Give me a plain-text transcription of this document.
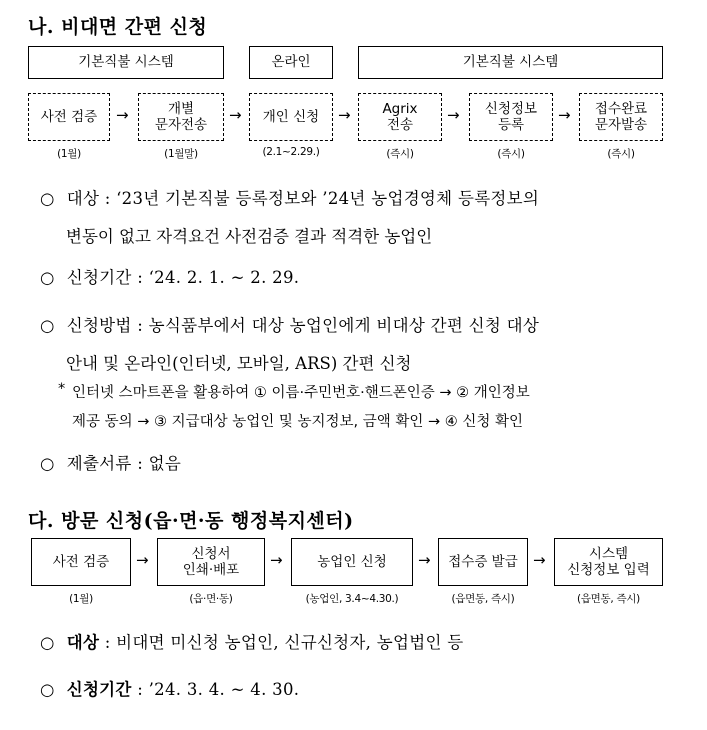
나. 비대면 간편 신청
기본직불 시스템	온라인	기본직불 시스템
사전 검증 →	개별
문자전송
→ 개인 신청 → Agrix
전송
→ 신청정보
등록
→ 접수완료
문자발송
(1월)	(1월말)	(2.1~2.29.)	(즉시)	(즉시)	(즉시)
○ 대상 : ‘23년 기본직불 등록정보와 ’24년 농업경영체 등록정보의
변동이 없고 자격요건 사전검증 결과 적격한 농업인
○ 신청기간 : ‘24. 2. 1. ~ 2. 29.
○ 신청방법 : 농식품부에서 대상 농업인에게 비대상 간편 신청 대상
안내 및 온라인(인터넷, 모바일, ARS) 간편 신청
* 인터넷 스마트폰을 활용하여 ① 이름·주민번호·핸드폰인증 → ② 개인정보
제공 동의 → ③ 지급대상 농업인 및 농지정보, 금액 확인 → ④ 신청 확인
○ 제출서류 : 없음
다. 방문 신청(읍·면·동 행정복지센터)
사전 검증 →	신청서
인쇄·배포
→	농업인 신청 → 접수증 발급 →	시스템
신청정보 입력
(1월)	(읍·면·동)	(농업인, 3.4~4.30.)	(읍면동, 즉시)	(읍면동, 즉시)
○ 대상 : 비대면 미신청 농업인, 신규신청자, 농업법인 등
○ 신청기간 : ’24. 3. 4. ~ 4. 30.
